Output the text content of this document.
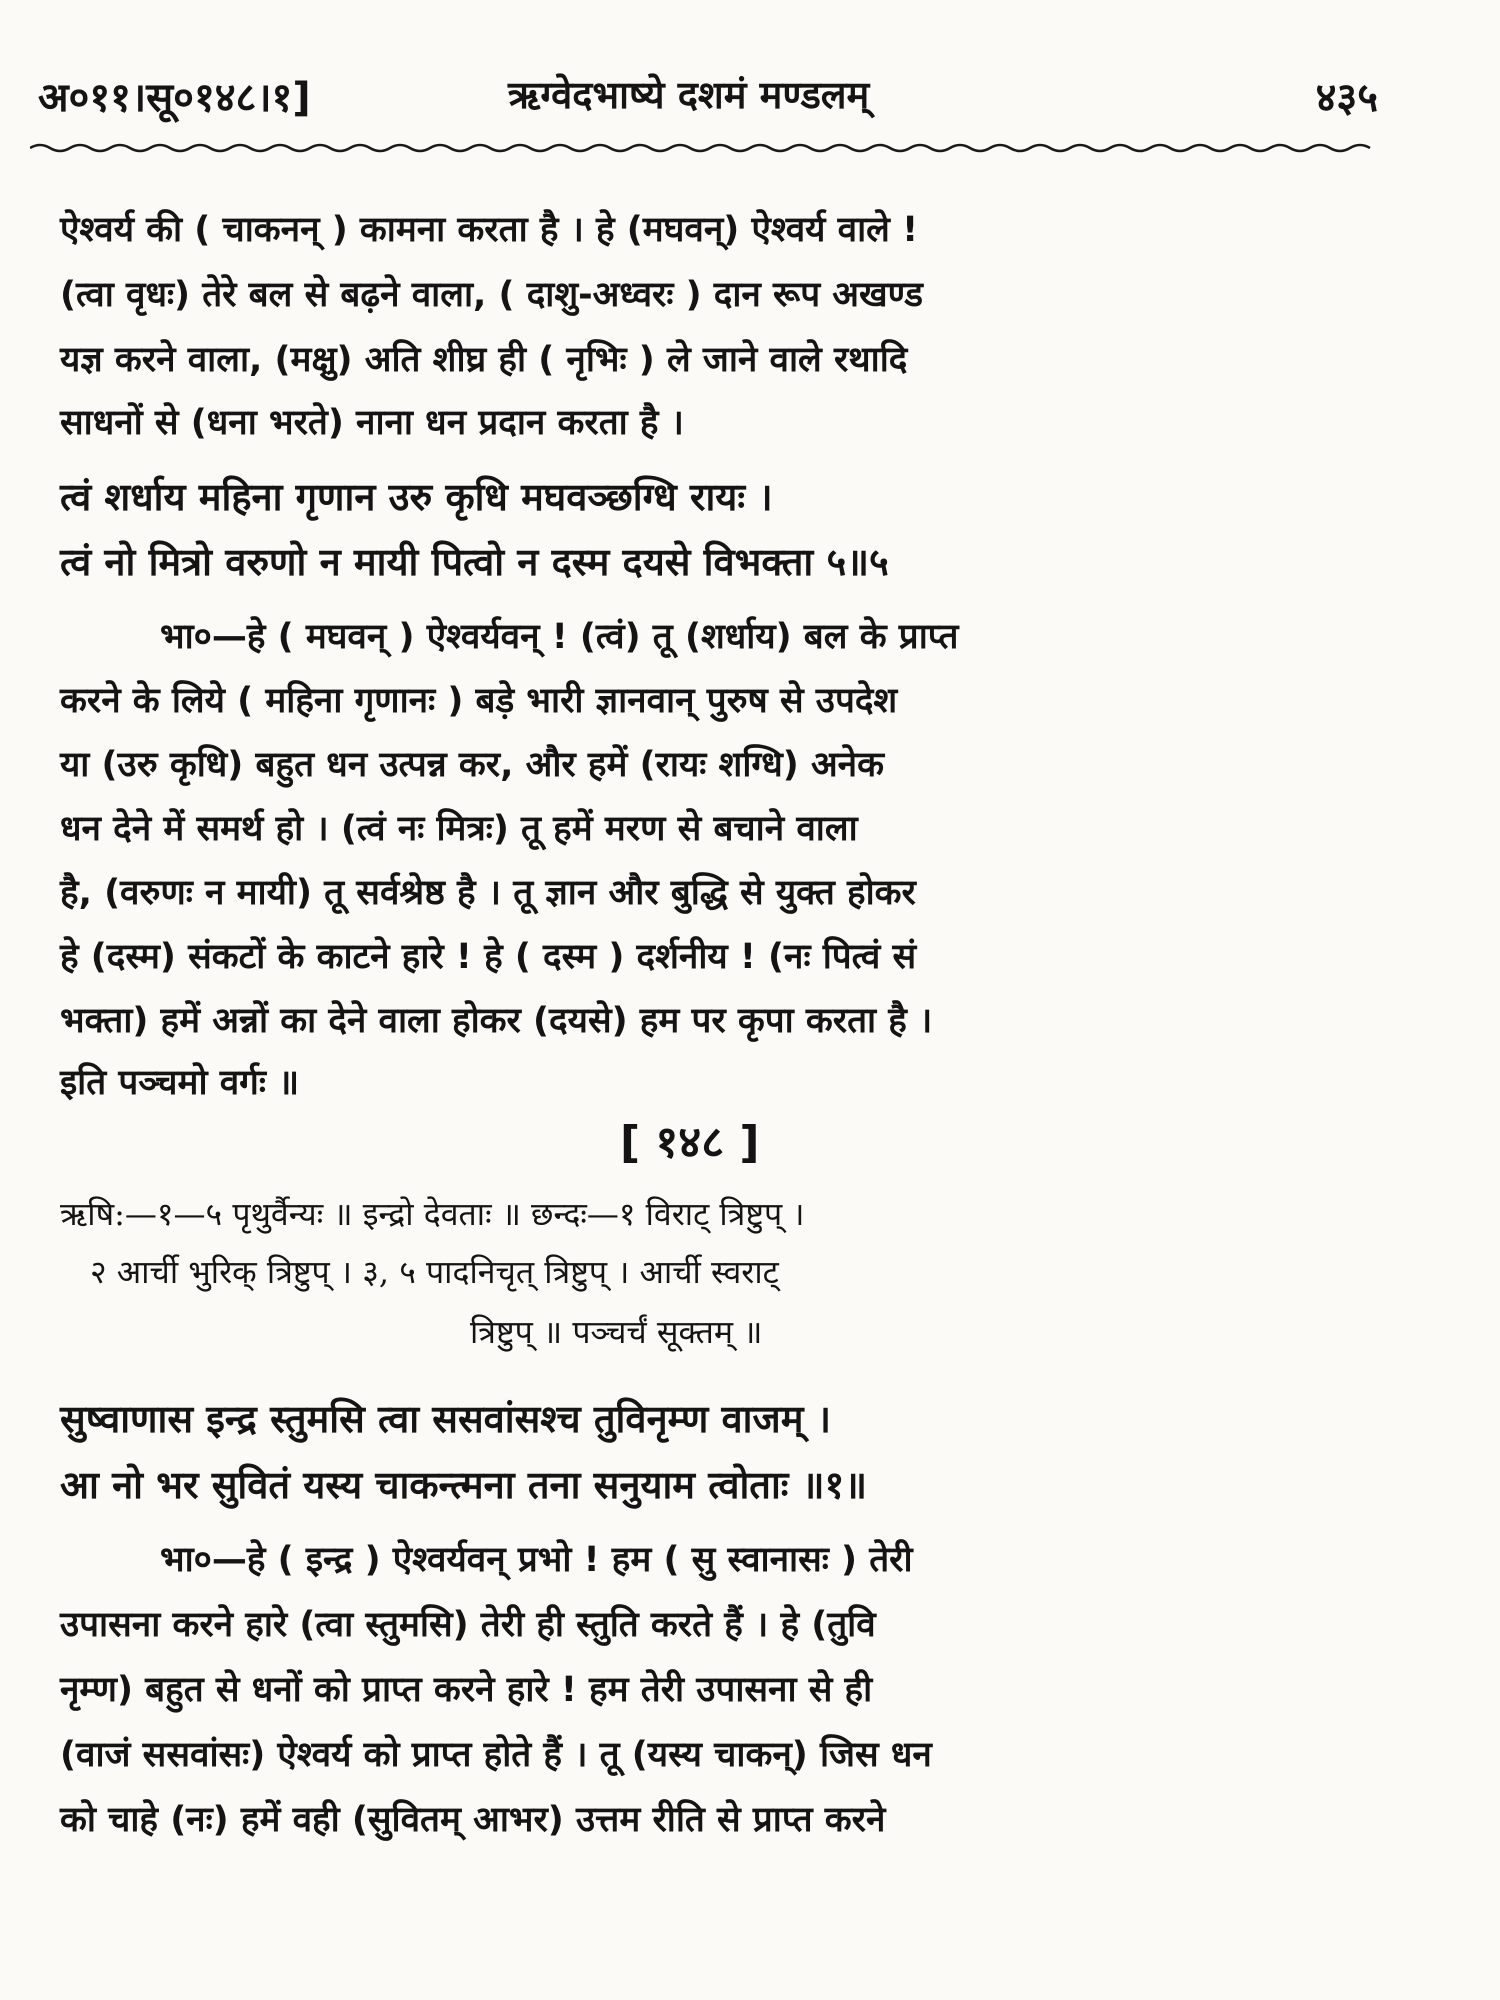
अ०११।सू०१४८।१]	ऋग्वेदभाष्ये दशमं मण्डलम्	४३५
ऐश्वर्य की ( चाकनन् ) कामना करता है । हे (मघवन्) ऐश्वर्य वाले !
(त्वा वृधः) तेरे बल से बढ़ने वाला, ( दाशु-अध्वरः ) दान रूप अखण्ड
यज्ञ करने वाला, (मक्षु) अति शीघ्र ही ( नृभिः ) ले जाने वाले रथादि
साधनों से (धना भरते) नाना धन प्रदान करता है ।
त्वं शर्धाय महिना गृणान उरु कृधि मघवञ्छग्धि रायः ।
त्वं नो मित्रो वरुणो न मायी पित्वो न दस्म दयसे विभक्ता ५॥५
भा०—हे ( मघवन् ) ऐश्वर्यवन् ! (त्वं) तू (शर्धाय) बल के प्राप्त
करने के लिये ( महिना गृणानः ) बड़े भारी ज्ञानवान् पुरुष से उपदेश
या (उरु कृधि) बहुत धन उत्पन्न कर, और हमें (रायः शग्धि) अनेक
धन देने में समर्थ हो । (त्वं नः मित्रः) तू हमें मरण से बचाने वाला
है, (वरुणः न मायी) तू सर्वश्रेष्ठ है । तू ज्ञान और बुद्धि से युक्त होकर
हे (दस्म) संकटों के काटने हारे ! हे ( दस्म ) दर्शनीय ! (नः पित्वं सं
भक्ता) हमें अन्नों का देने वाला होकर (दयसे) हम पर कृपा करता है ।
इति पञ्चमो वर्गः ॥
[ १४८ ]
ऋषि:—१—५ पृथुर्वैन्यः ॥ इन्द्रो देवताः ॥ छन्दः—१ विराट् त्रिष्टुप् ।
२ आर्ची भुरिक् त्रिष्टुप् । ३, ५ पादनिचृत् त्रिष्टुप् । आर्ची स्वराट्
त्रिष्टुप् ॥ पञ्चर्चं सूक्तम् ॥
सुष्वाणास इन्द्र स्तुमसि त्वा ससवांसश्च तुविनृम्ण वाजम् ।
आ नो भर सुवितं यस्य चाकन्त्मना तना सनुयाम त्वोताः ॥१॥
भा०—हे ( इन्द्र ) ऐश्वर्यवन् प्रभो ! हम ( सु स्वानासः ) तेरी
उपासना करने हारे (त्वा स्तुमसि) तेरी ही स्तुति करते हैं । हे (तुवि
नृम्ण) बहुत से धनों को प्राप्त करने हारे ! हम तेरी उपासना से ही
(वाजं ससवांसः) ऐश्वर्य को प्राप्त होते हैं । तू (यस्य चाकन्) जिस धन
को चाहे (नः) हमें वही (सुवितम् आभर) उत्तम रीति से प्राप्त करने
